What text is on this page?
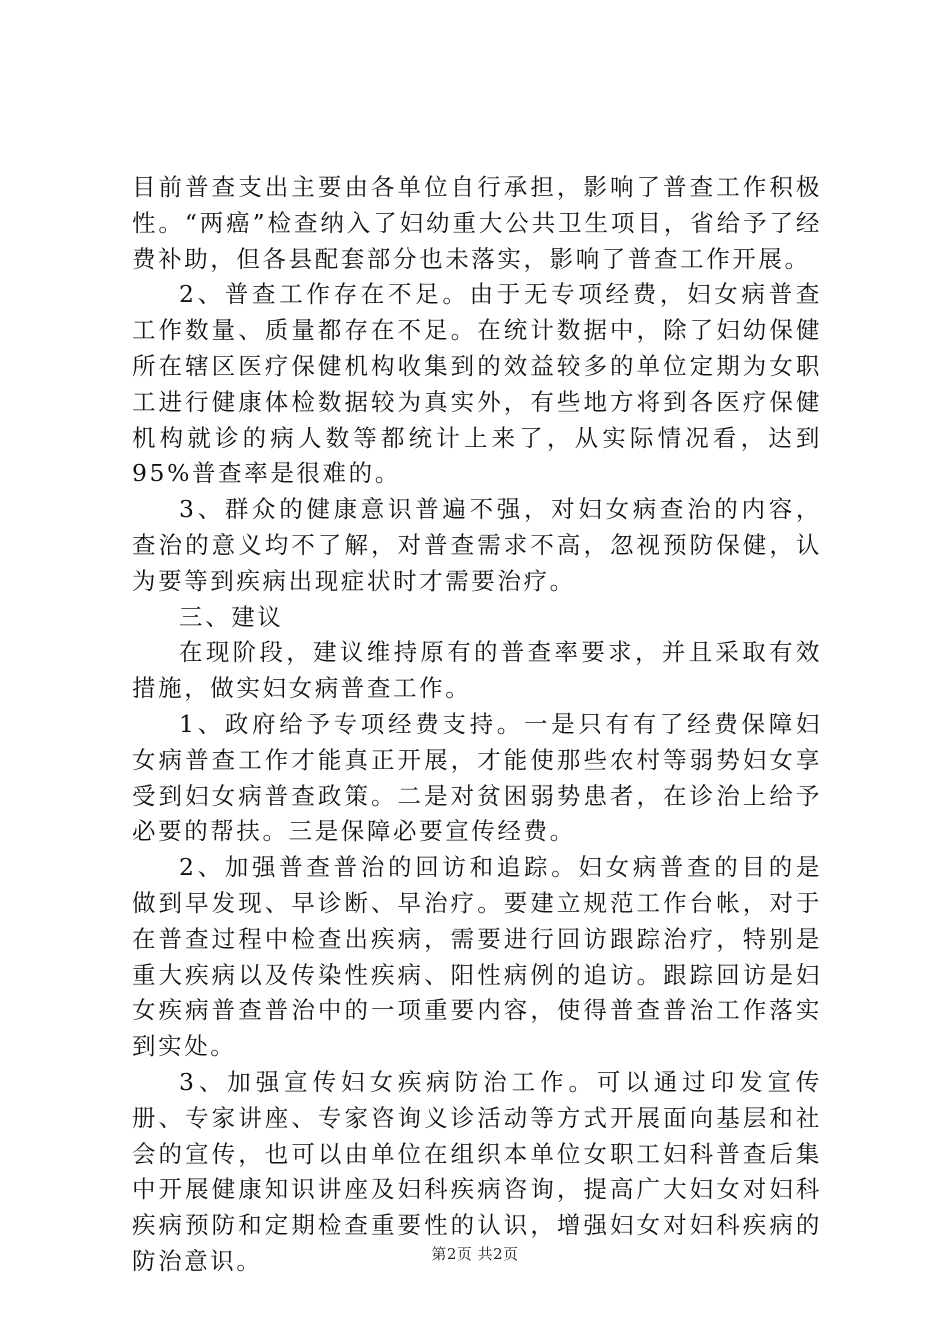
目前普查支出主要由各单位自行承担，影响了普查工作积极性。“两癌”检查纳入了妇幼重大公共卫生项目，省给予了经费补助，但各县配套部分也未落实，影响了普查工作开展。

2、普查工作存在不足。由于无专项经费，妇女病普查工作数量、质量都存在不足。在统计数据中，除了妇幼保健所在辖区医疗保健机构收集到的效益较多的单位定期为女职工进行健康体检数据较为真实外，有些地方将到各医疗保健机构就诊的病人数等都统计上来了，从实际情况看，达到95%普查率是很难的。

3、群众的健康意识普遍不强，对妇女病查治的内容，查治的意义均不了解，对普查需求不高，忽视预防保健，认为要等到疾病出现症状时才需要治疗。

三、建议

在现阶段，建议维持原有的普查率要求，并且采取有效措施，做实妇女病普查工作。

1、政府给予专项经费支持。一是只有有了经费保障妇女病普查工作才能真正开展，才能使那些农村等弱势妇女享受到妇女病普查政策。二是对贫困弱势患者，在诊治上给予必要的帮扶。三是保障必要宣传经费。

2、加强普查普治的回访和追踪。妇女病普查的目的是做到早发现、早诊断、早治疗。要建立规范工作台帐，对于在普查过程中检查出疾病，需要进行回访跟踪治疗，特别是重大疾病以及传染性疾病、阳性病例的追访。跟踪回访是妇女疾病普查普治中的一项重要内容，使得普查普治工作落实到实处。

3、加强宣传妇女疾病防治工作。可以通过印发宣传册、专家讲座、专家咨询义诊活动等方式开展面向基层和社会的宣传，也可以由单位在组织本单位女职工妇科普查后集中开展健康知识讲座及妇科疾病咨询，提高广大妇女对妇科疾病预防和定期检查重要性的认识，增强妇女对妇科疾病的防治意识。	第2页 共2页
